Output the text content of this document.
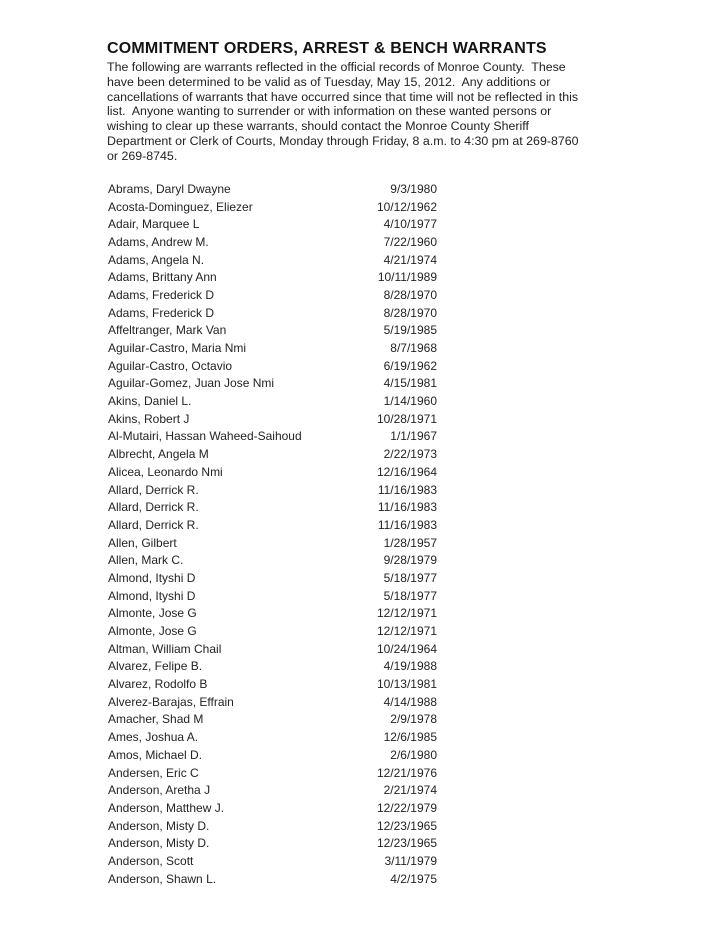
COMMITMENT ORDERS, ARREST & BENCH WARRANTS
The following are warrants reflected in the official records of Monroe County.  These
have been determined to be valid as of Tuesday, May 15, 2012.  Any additions or
cancellations of warrants that have occurred since that time will not be reflected in this
list.  Anyone wanting to surrender or with information on these wanted persons or
wishing to clear up these warrants, should contact the Monroe County Sheriff
Department or Clerk of Courts, Monday through Friday, 8 a.m. to 4:30 pm at 269-8760
or 269-8745.
Abrams, Daryl Dwayne	9/3/1980
Acosta-Dominguez, Eliezer	10/12/1962
Adair, Marquee L	4/10/1977
Adams, Andrew M.	7/22/1960
Adams, Angela N.	4/21/1974
Adams, Brittany Ann	10/11/1989
Adams, Frederick D	8/28/1970
Adams, Frederick D	8/28/1970
Affeltranger, Mark Van	5/19/1985
Aguilar-Castro, Maria Nmi	8/7/1968
Aguilar-Castro, Octavio	6/19/1962
Aguilar-Gomez, Juan Jose Nmi	4/15/1981
Akins, Daniel L.	1/14/1960
Akins, Robert J	10/28/1971
Al-Mutairi, Hassan Waheed-Saihoud	1/1/1967
Albrecht, Angela M	2/22/1973
Alicea, Leonardo Nmi	12/16/1964
Allard, Derrick R.	11/16/1983
Allard, Derrick R.	11/16/1983
Allard, Derrick R.	11/16/1983
Allen, Gilbert	1/28/1957
Allen, Mark C.	9/28/1979
Almond, Ityshi D	5/18/1977
Almond, Ityshi D	5/18/1977
Almonte, Jose G	12/12/1971
Almonte, Jose G	12/12/1971
Altman, William Chail	10/24/1964
Alvarez, Felipe B.	4/19/1988
Alvarez, Rodolfo B	10/13/1981
Alverez-Barajas, Effrain	4/14/1988
Amacher, Shad M	2/9/1978
Ames, Joshua A.	12/6/1985
Amos, Michael D.	2/6/1980
Andersen, Eric C	12/21/1976
Anderson, Aretha J	2/21/1974
Anderson, Matthew J.	12/22/1979
Anderson, Misty D.	12/23/1965
Anderson, Misty D.	12/23/1965
Anderson, Scott	3/11/1979
Anderson, Shawn L.	4/2/1975
